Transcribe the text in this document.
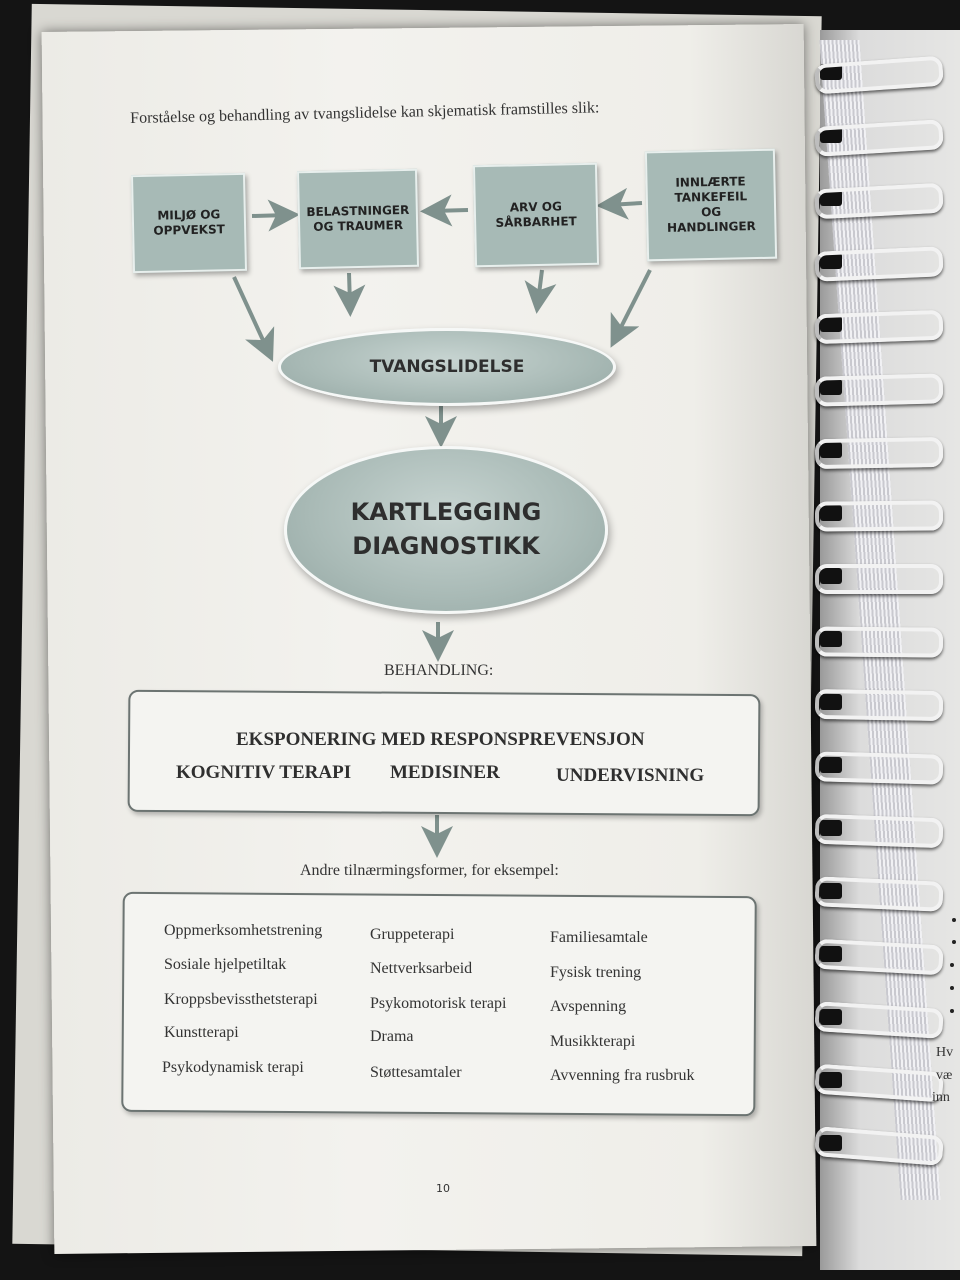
Hv

væ

inn

Forståelse og behandling av tvangslidelse kan skjematisk framstilles slik:

MILJØ OG
OPPVEKST
BELASTNINGER
OG TRAUMER
ARV OG
SÅRBARHET
INNLÆRTE
TANKEFEIL
OG
HANDLINGER
TVANGSLIDELSE
KARTLEGGING
DIAGNOSTIKK

BEHANDLING:

EKSPONERING MED RESPONSPREVENSJON

KOGNITIV TERAPI MEDISINER	UNDERVISNING

Andre tilnærmingsformer, for eksempel:

Oppmerksomhetstrening

Sosiale hjelpetiltak

Kroppsbevissthetsterapi

Kunstterapi

Psykodynamisk terapi

Gruppeterapi

Nettverksarbeid

Psykomotorisk terapi

Drama

Støttesamtaler

Familiesamtale

Fysisk trening

Avspenning

Musikkterapi

Avvenning fra rusbruk

10
